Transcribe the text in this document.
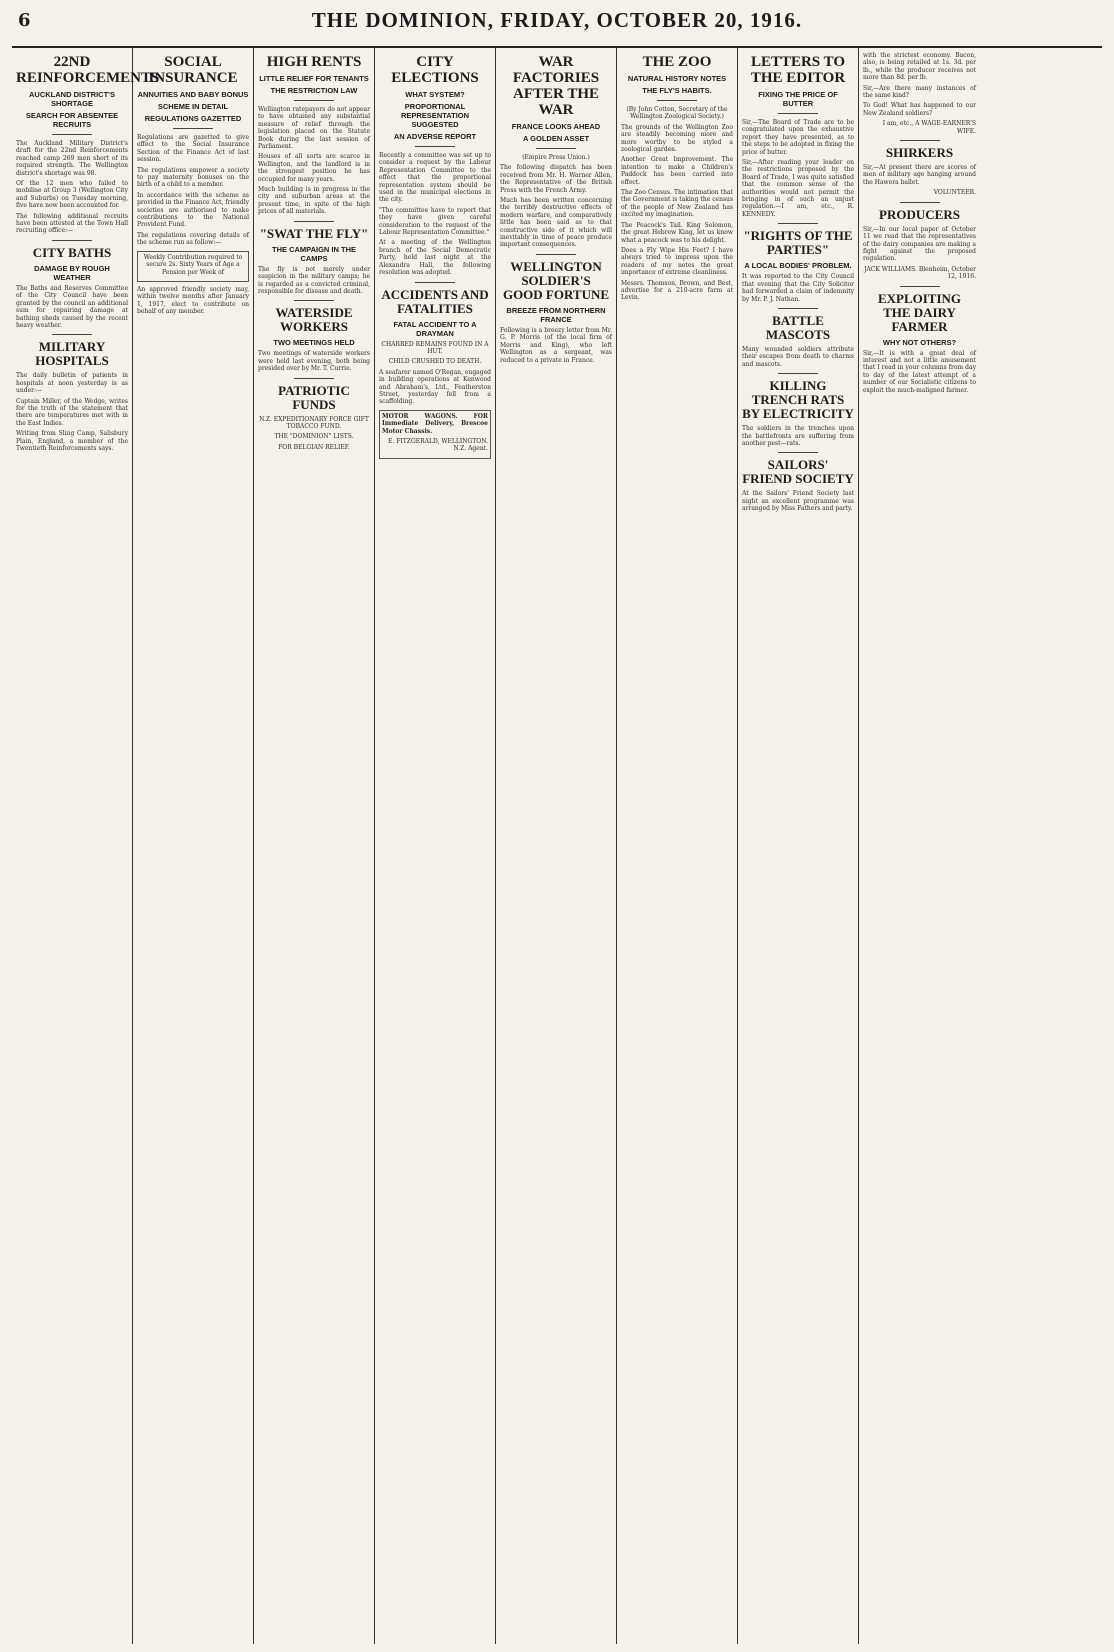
6	THE DOMINION, FRIDAY, OCTOBER 20, 1916.
22ND REINFORCEMENTS
AUCKLAND DISTRICT'S SHORTAGE
SEARCH FOR ABSENTEE RECRUITS

The Auckland Military District's draft for the 22nd Reinforcements reached camp 269 men short of its required strength. The Wellington district's shortage was 98.

Of the 12 men who failed to mobilise at Group 3 (Wellington City and Suburbs) on Tuesday morning, five have now been accounted for.

The following additional recruits have been attested at the Town Hall recruiting office:—

CITY BATHS
DAMAGE BY ROUGH WEATHER

The Baths and Reserves Committee of the City Council have been granted by the council an additional sum for repairing damage at bathing sheds caused by the recent heavy weather.

MILITARY HOSPITALS

The daily bulletin of patients in hospitals at noon yesterday is as under:—

Captain Miller, of the Wedge, writes for the truth of the statement that there are temperatures met with in the East Indies.

Writing from Sling Camp, Salisbury Plain, England, a member of the Twentieth Reinforcements says.

SOCIAL INSURANCE
ANNUITIES AND BABY BONUS
SCHEME IN DETAIL
REGULATIONS GAZETTED

Regulations are gazetted to give effect to the Social Insurance Section of the Finance Act of last session.

The regulations empower a society to pay maternity bonuses on the birth of a child to a member.

In accordance with the scheme as provided in the Finance Act, friendly societies are authorised to make contributions to the National Provident Fund.

The regulations covering details of the scheme run as follow:—

Weekly Contribution required to secure 2s. Sixty Years of Age a Pension per Week of

An approved friendly society may, within twelve months after January 1, 1917, elect to contribute on behalf of any member.

HIGH RENTS
LITTLE RELIEF FOR TENANTS
THE RESTRICTION LAW

Wellington ratepayers do not appear to have obtained any substantial measure of relief through the legislation placed on the Statute Book during the last session of Parliament.

Houses of all sorts are scarce in Wellington, and the landlord is in the strongest position he has occupied for many years.

Much building is in progress in the city and suburban areas at the present time, in spite of the high prices of all materials.

"SWAT THE FLY"
THE CAMPAIGN IN THE CAMPS

The fly is not merely under suspicion in the military camps; he is regarded as a convicted criminal, responsible for disease and death.

WATERSIDE WORKERS
TWO MEETINGS HELD

Two meetings of waterside workers were held last evening, both being presided over by Mr. T. Currie.

PATRIOTIC FUNDS

N.Z. EXPEDITIONARY FORCE GIFT TOBACCO FUND.

THE "DOMINION" LISTS.

FOR BELGIAN RELIEF.

CITY ELECTIONS
WHAT SYSTEM?
PROPORTIONAL REPRESENTATION SUGGESTED
AN ADVERSE REPORT

Recently a committee was set up to consider a request by the Labour Representation Committee to the effect that the proportional representation system should be used in the municipal elections in the city.

"The committee have to report that they have given careful consideration to the request of the Labour Representation Committee."

At a meeting of the Wellington branch of the Social Democratic Party, held last night at the Alexandra Hall, the following resolution was adopted.

ACCIDENTS AND FATALITIES
FATAL ACCIDENT TO A DRAYMAN

CHARRED REMAINS FOUND IN A HUT.

CHILD CRUSHED TO DEATH.

A seafarer named O'Regan, engaged in building operations at Kenwood and Abraham's, Ltd., Featherston Street, yesterday fell from a scaffolding.

MOTOR WAGONS. FOR Immediate Delivery, Brescoe Motor Chassis.

E. FITZGERALD, WELLINGTON. N.Z. Agent.

WAR FACTORIES AFTER THE WAR
FRANCE LOOKS AHEAD
A GOLDEN ASSET

(Empire Press Union.)

The following dispatch has been received from Mr. H. Warner Allen, the Representative of the British Press with the French Army.

Much has been written concerning the terribly destructive effects of modern warfare, and comparatively little has been said as to that constructive side of it which will inevitably in time of peace produce important consequences.

WELLINGTON SOLDIER'S GOOD FORTUNE
BREEZE FROM NORTHERN FRANCE

Following is a breezy letter from Mr. G. P. Morris (of the local firm of Morris and King), who left Wellington as a sergeant, was reduced to a private in France.

THE ZOO
NATURAL HISTORY NOTES
THE FLY'S HABITS.

(By John Cotton, Secretary of the Wellington Zoological Society.)

The grounds of the Wellington Zoo are steadily becoming more and more worthy to be styled a zoological garden.

Another Great Improvement. The intention to make a Children's Paddock has been carried into effect.

The Zoo Census. The intimation that the Government is taking the census of the people of New Zealand has excited my imagination.

The Peacock's Tail. King Solomon, the great Hebrew King, let us know what a peacock was to his delight.

Does a Fly Wipe His Feet? I have always tried to impress upon the readers of my notes the great importance of extreme cleanliness.

Messrs. Thomson, Brown, and Best, advertise for a 210-acre farm at Levin.

LETTERS TO THE EDITOR
FIXING THE PRICE OF BUTTER

Sir,—The Board of Trade are to be congratulated upon the exhaustive report they have presented, as to the steps to be adopted in fixing the price of butter.

Sir,—After reading your leader on the restrictions proposed by the Board of Trade, I was quite satisfied that the common sense of the authorities would not permit the bringing in of such an unjust regulation.—I am, etc., R. KENNEDY.

"RIGHTS OF THE PARTIES"
A LOCAL BODIES' PROBLEM.

It was reported to the City Council that evening that the City Solicitor had forwarded a claim of indemnity by Mr. P. J. Nathan.

BATTLE MASCOTS

Many wounded soldiers attribute their escapes from death to charms and mascots.

KILLING TRENCH RATS BY ELECTRICITY

The soldiers in the trenches upon the battlefronts are suffering from another pest—rats.

SAILORS' FRIEND SOCIETY

At the Sailors' Friend Society last night an excellent programme was arranged by Miss Fathers and party.

with the strictest economy. Bacon, also, is being retailed at 1s. 3d. per lb., while the producer receives not more than 8d. per lb.

Sir,—Are there many instances of the same kind?

To God! What has happened to our New Zealand soldiers?

I am, etc., A WAGE-EARNER'S WIFE.

SHIRKERS

Sir,—At present there are scores of men of military age hanging around the Hawera ballet.

VOLUNTEER.

PRODUCERS

Sir,—In our local paper of October 11 we read that the representatives of the dairy companies are making a fight against the proposed regulation.

JACK WILLIAMS. Blenheim, October 12, 1916.

EXPLOITING THE DAIRY FARMER
WHY NOT OTHERS?

Sir,—It is with a great deal of interest and not a little amusement that I read in your columns from day to day of the latest attempt of a number of our Socialistic citizens to exploit the much-maligned farmer.
